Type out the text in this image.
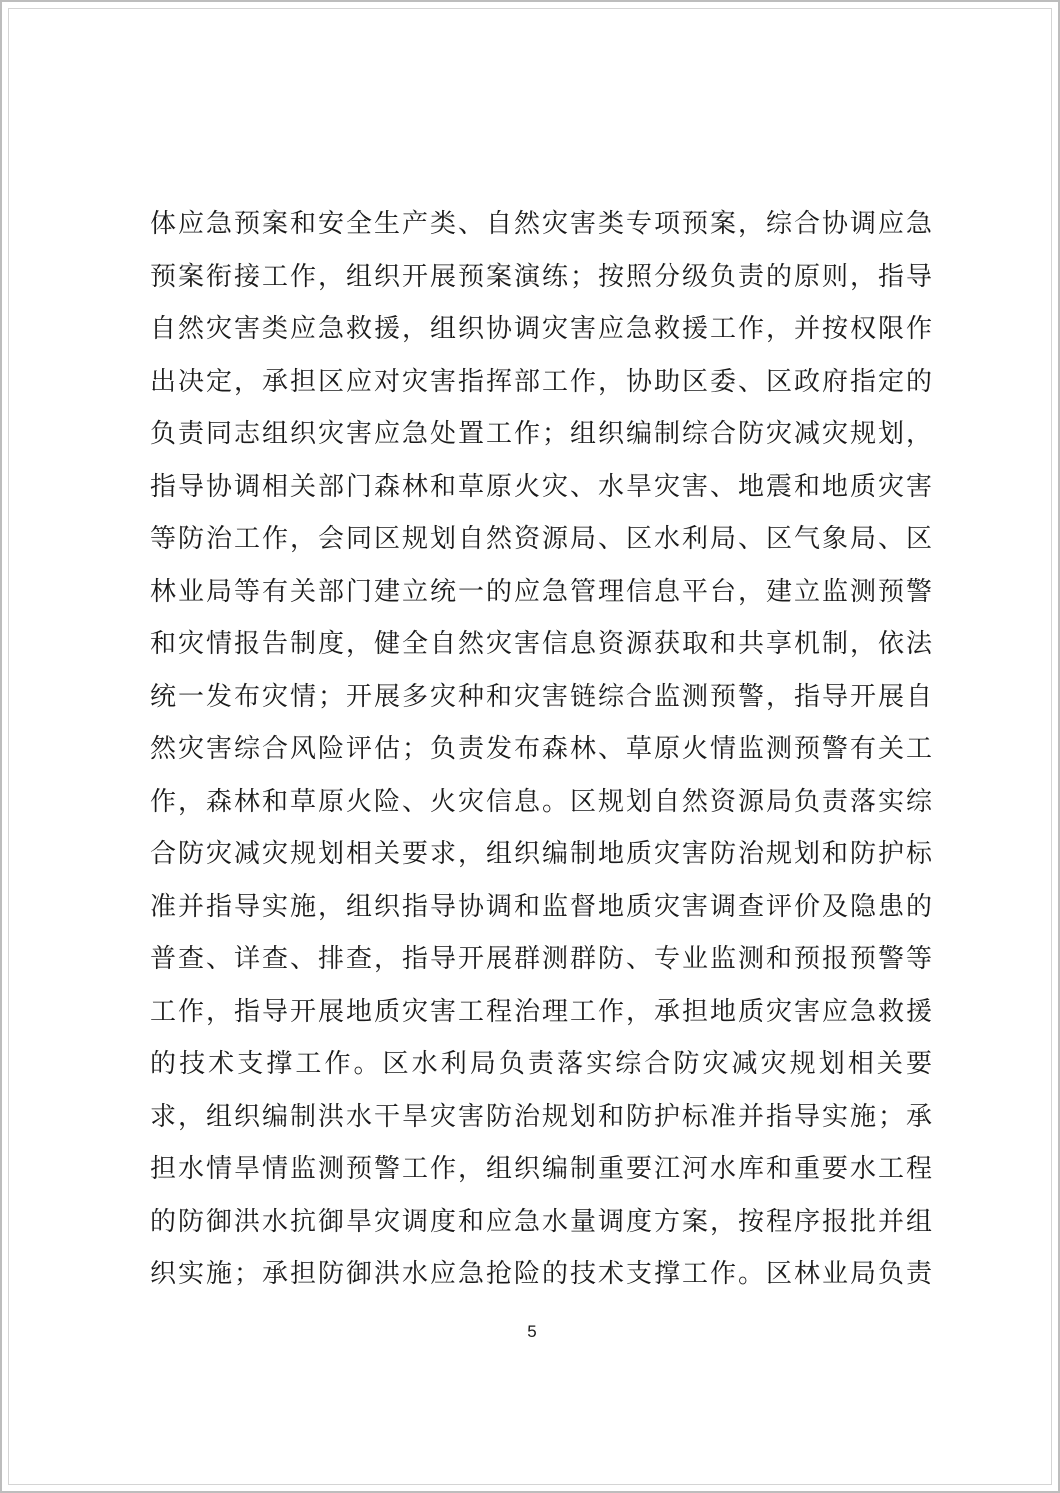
体应急预案和安全生产类、自然灾害类专项预案，综合协调应急
预案衔接工作，组织开展预案演练；按照分级负责的原则，指导
自然灾害类应急救援，组织协调灾害应急救援工作，并按权限作
出决定，承担区应对灾害指挥部工作，协助区委、区政府指定的
负责同志组织灾害应急处置工作；组织编制综合防灾减灾规划，
指导协调相关部门森林和草原火灾、水旱灾害、地震和地质灾害
等防治工作，会同区规划自然资源局、区水利局、区气象局、区
林业局等有关部门建立统一的应急管理信息平台，建立监测预警
和灾情报告制度，健全自然灾害信息资源获取和共享机制，依法
统一发布灾情；开展多灾种和灾害链综合监测预警，指导开展自
然灾害综合风险评估；负责发布森林、草原火情监测预警有关工
作，森林和草原火险、火灾信息。区规划自然资源局负责落实综
合防灾减灾规划相关要求，组织编制地质灾害防治规划和防护标
准并指导实施，组织指导协调和监督地质灾害调查评价及隐患的
普查、详查、排查，指导开展群测群防、专业监测和预报预警等
工作，指导开展地质灾害工程治理工作，承担地质灾害应急救援
的技术支撑工作。区水利局负责落实综合防灾减灾规划相关要
求，组织编制洪水干旱灾害防治规划和防护标准并指导实施；承
担水情旱情监测预警工作，组织编制重要江河水库和重要水工程
的防御洪水抗御旱灾调度和应急水量调度方案，按程序报批并组
织实施；承担防御洪水应急抢险的技术支撑工作。区林业局负责
5
